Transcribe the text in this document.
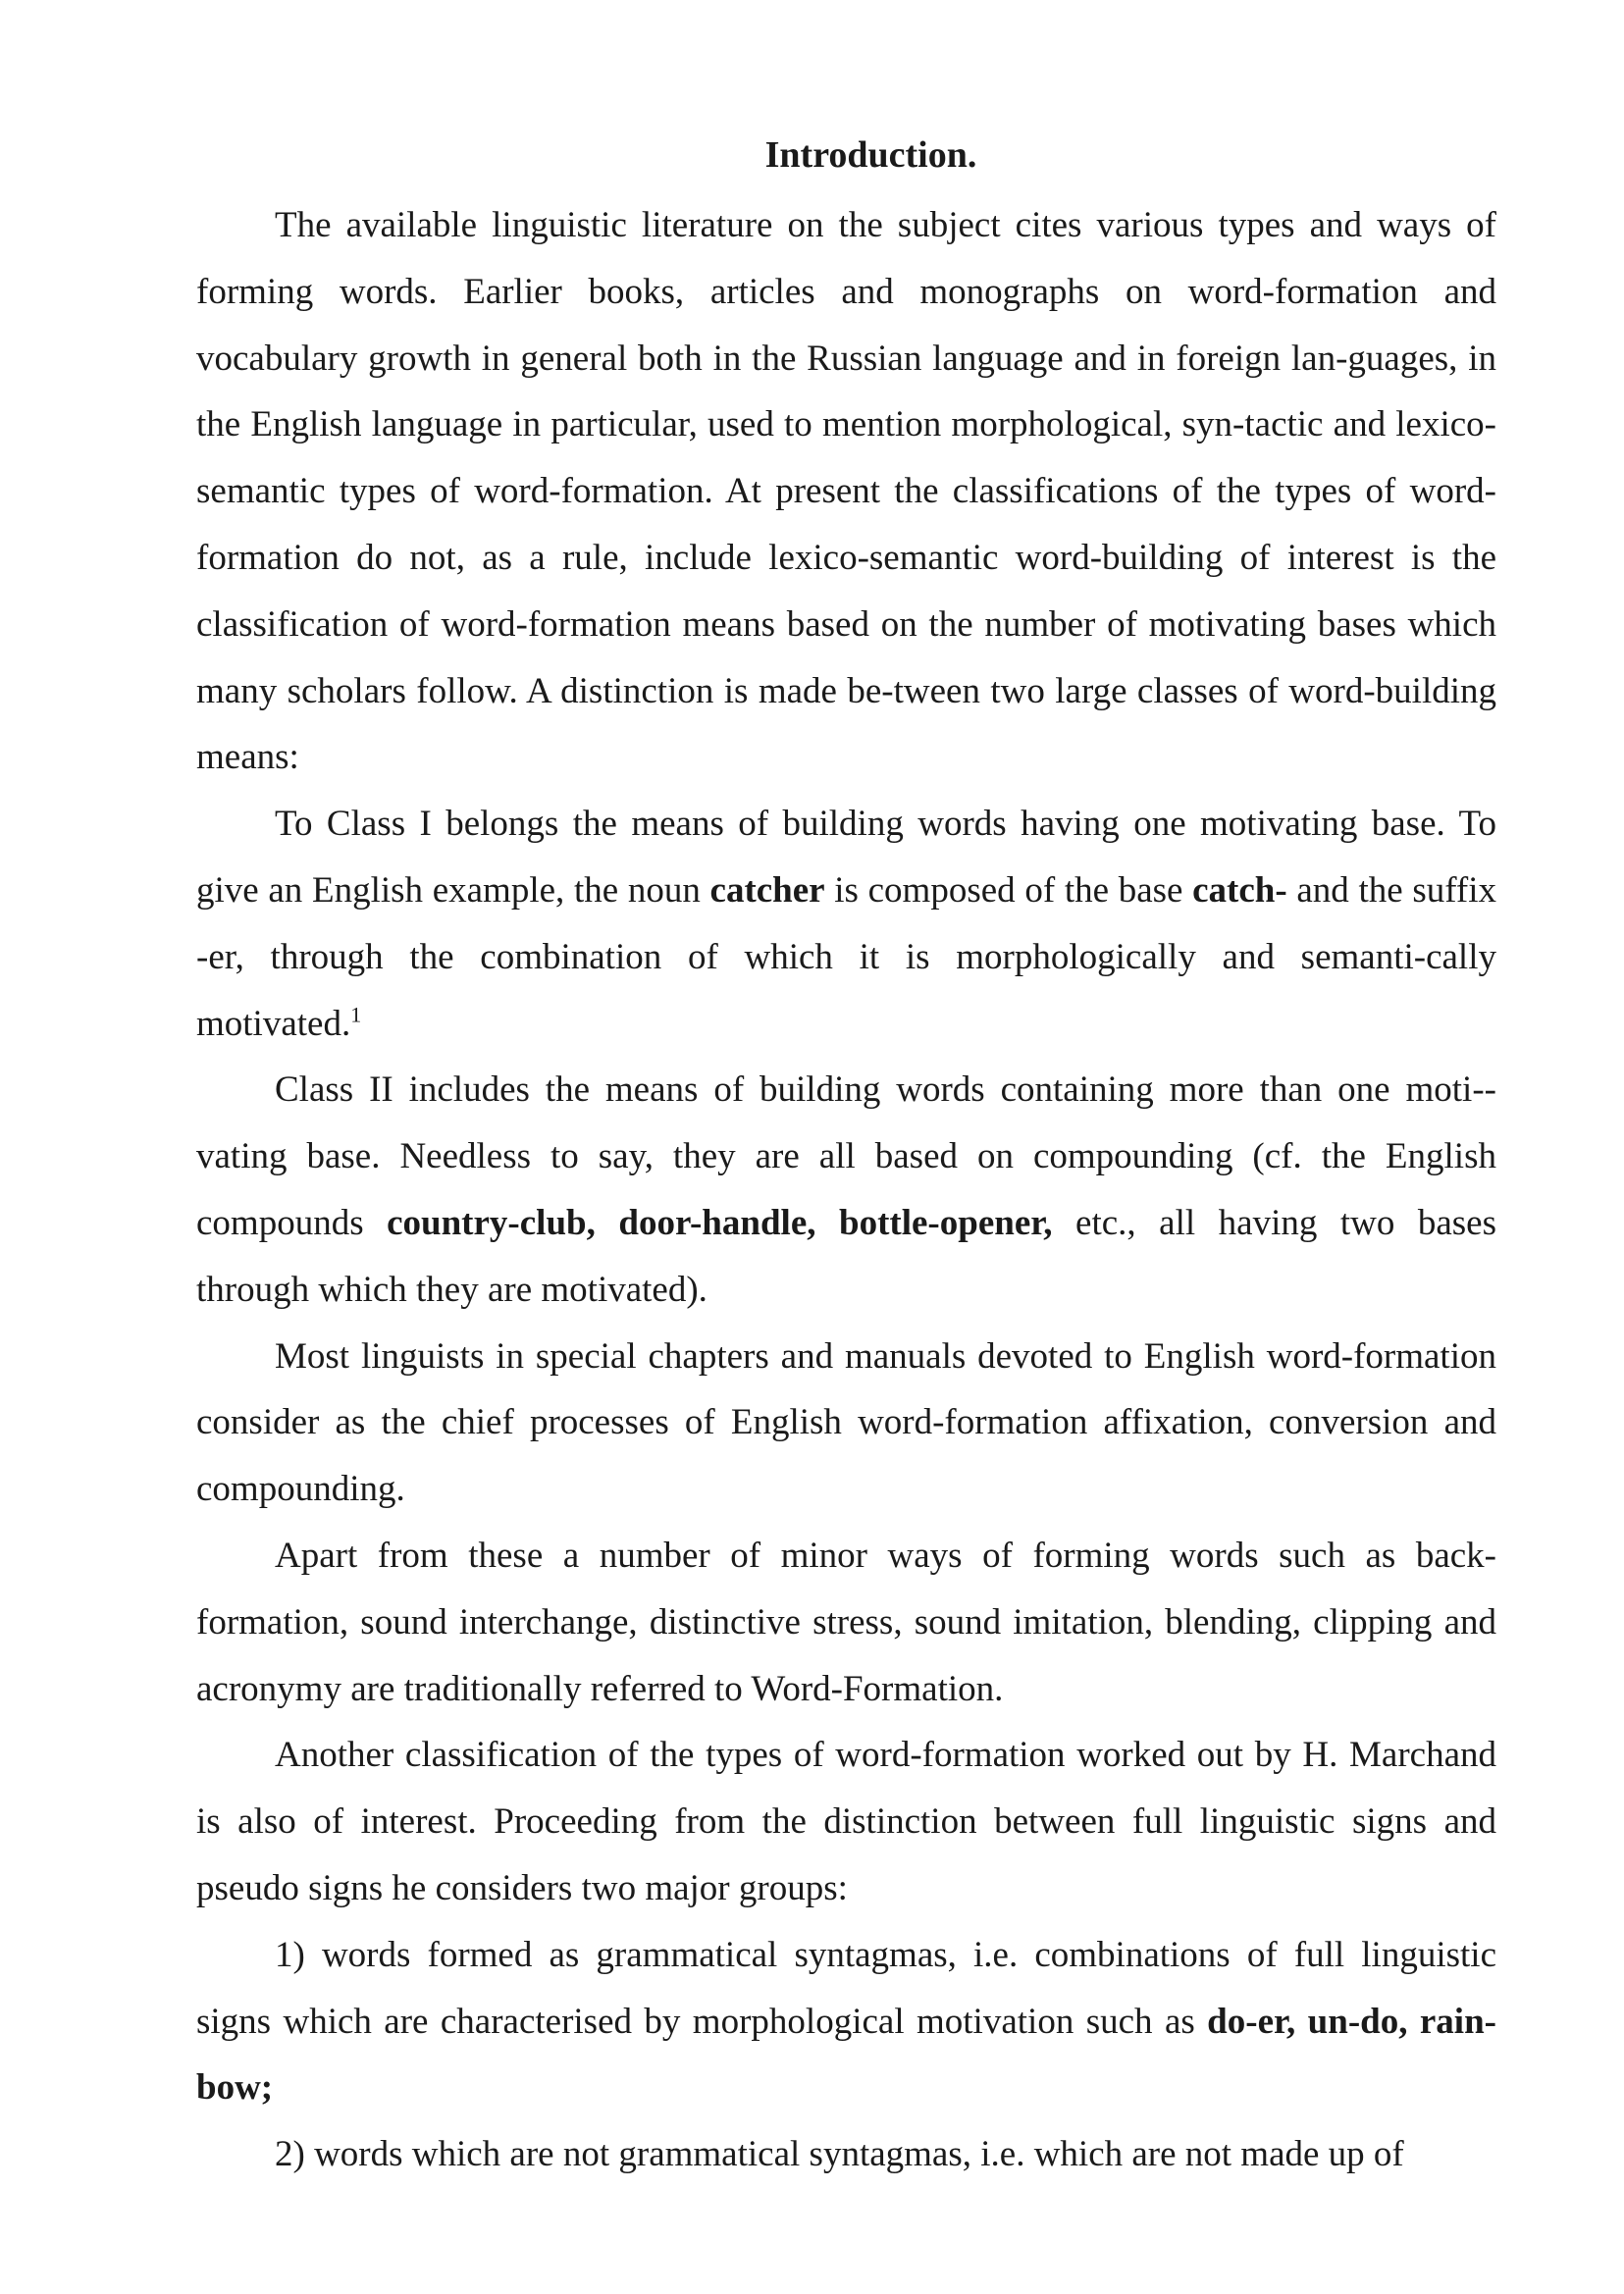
Introduction.

The available linguistic literature on the subject cites various types and ways of forming words. Earlier books, articles and monographs on word-formation and vocabulary growth in general both in the Russian language and in foreign lan-guages, in the English language in particular, used to mention morphological, syn-tactic and lexico-semantic types of word-formation. At present the classifications of the types of word-formation do not, as a rule, include lexico-semantic word-building of interest is the classification of word-formation means based on the number of motivating bases which many scholars follow. A distinction is made be-tween two large classes of word-building means:

To Class I belongs the means of building words having one motivating base. To give an English example, the noun catcher is composed of the base catch- and the suffix -er, through the combination of which it is morphologically and semanti-cally motivated.$^1$

Class II includes the means of building words containing more than one moti-vating base. Needless to say, they are all based on compounding (cf. the English compounds country-club, door-handle, bottle-opener, etc., all having two bases through which they are motivated).

Most linguists in special chapters and manuals devoted to English word-formation consider as the chief processes of English word-formation affixation, conversion and compounding.

Apart from these a number of minor ways of forming words such as back-formation, sound interchange, distinctive stress, sound imitation, blending, clipping and acronymy are traditionally referred to Word-Formation.

Another classification of the types of word-formation worked out by H. Marchand is also of interest. Proceeding from the distinction between full linguistic signs and pseudo signs he considers two major groups:

1) words formed as grammatical syntagmas, i.e. combinations of full linguistic signs which are characterised by morphological motivation such as do-er, un-do, rain-bow;

2) words which are not grammatical syntagmas, i.e. which are not made up of
